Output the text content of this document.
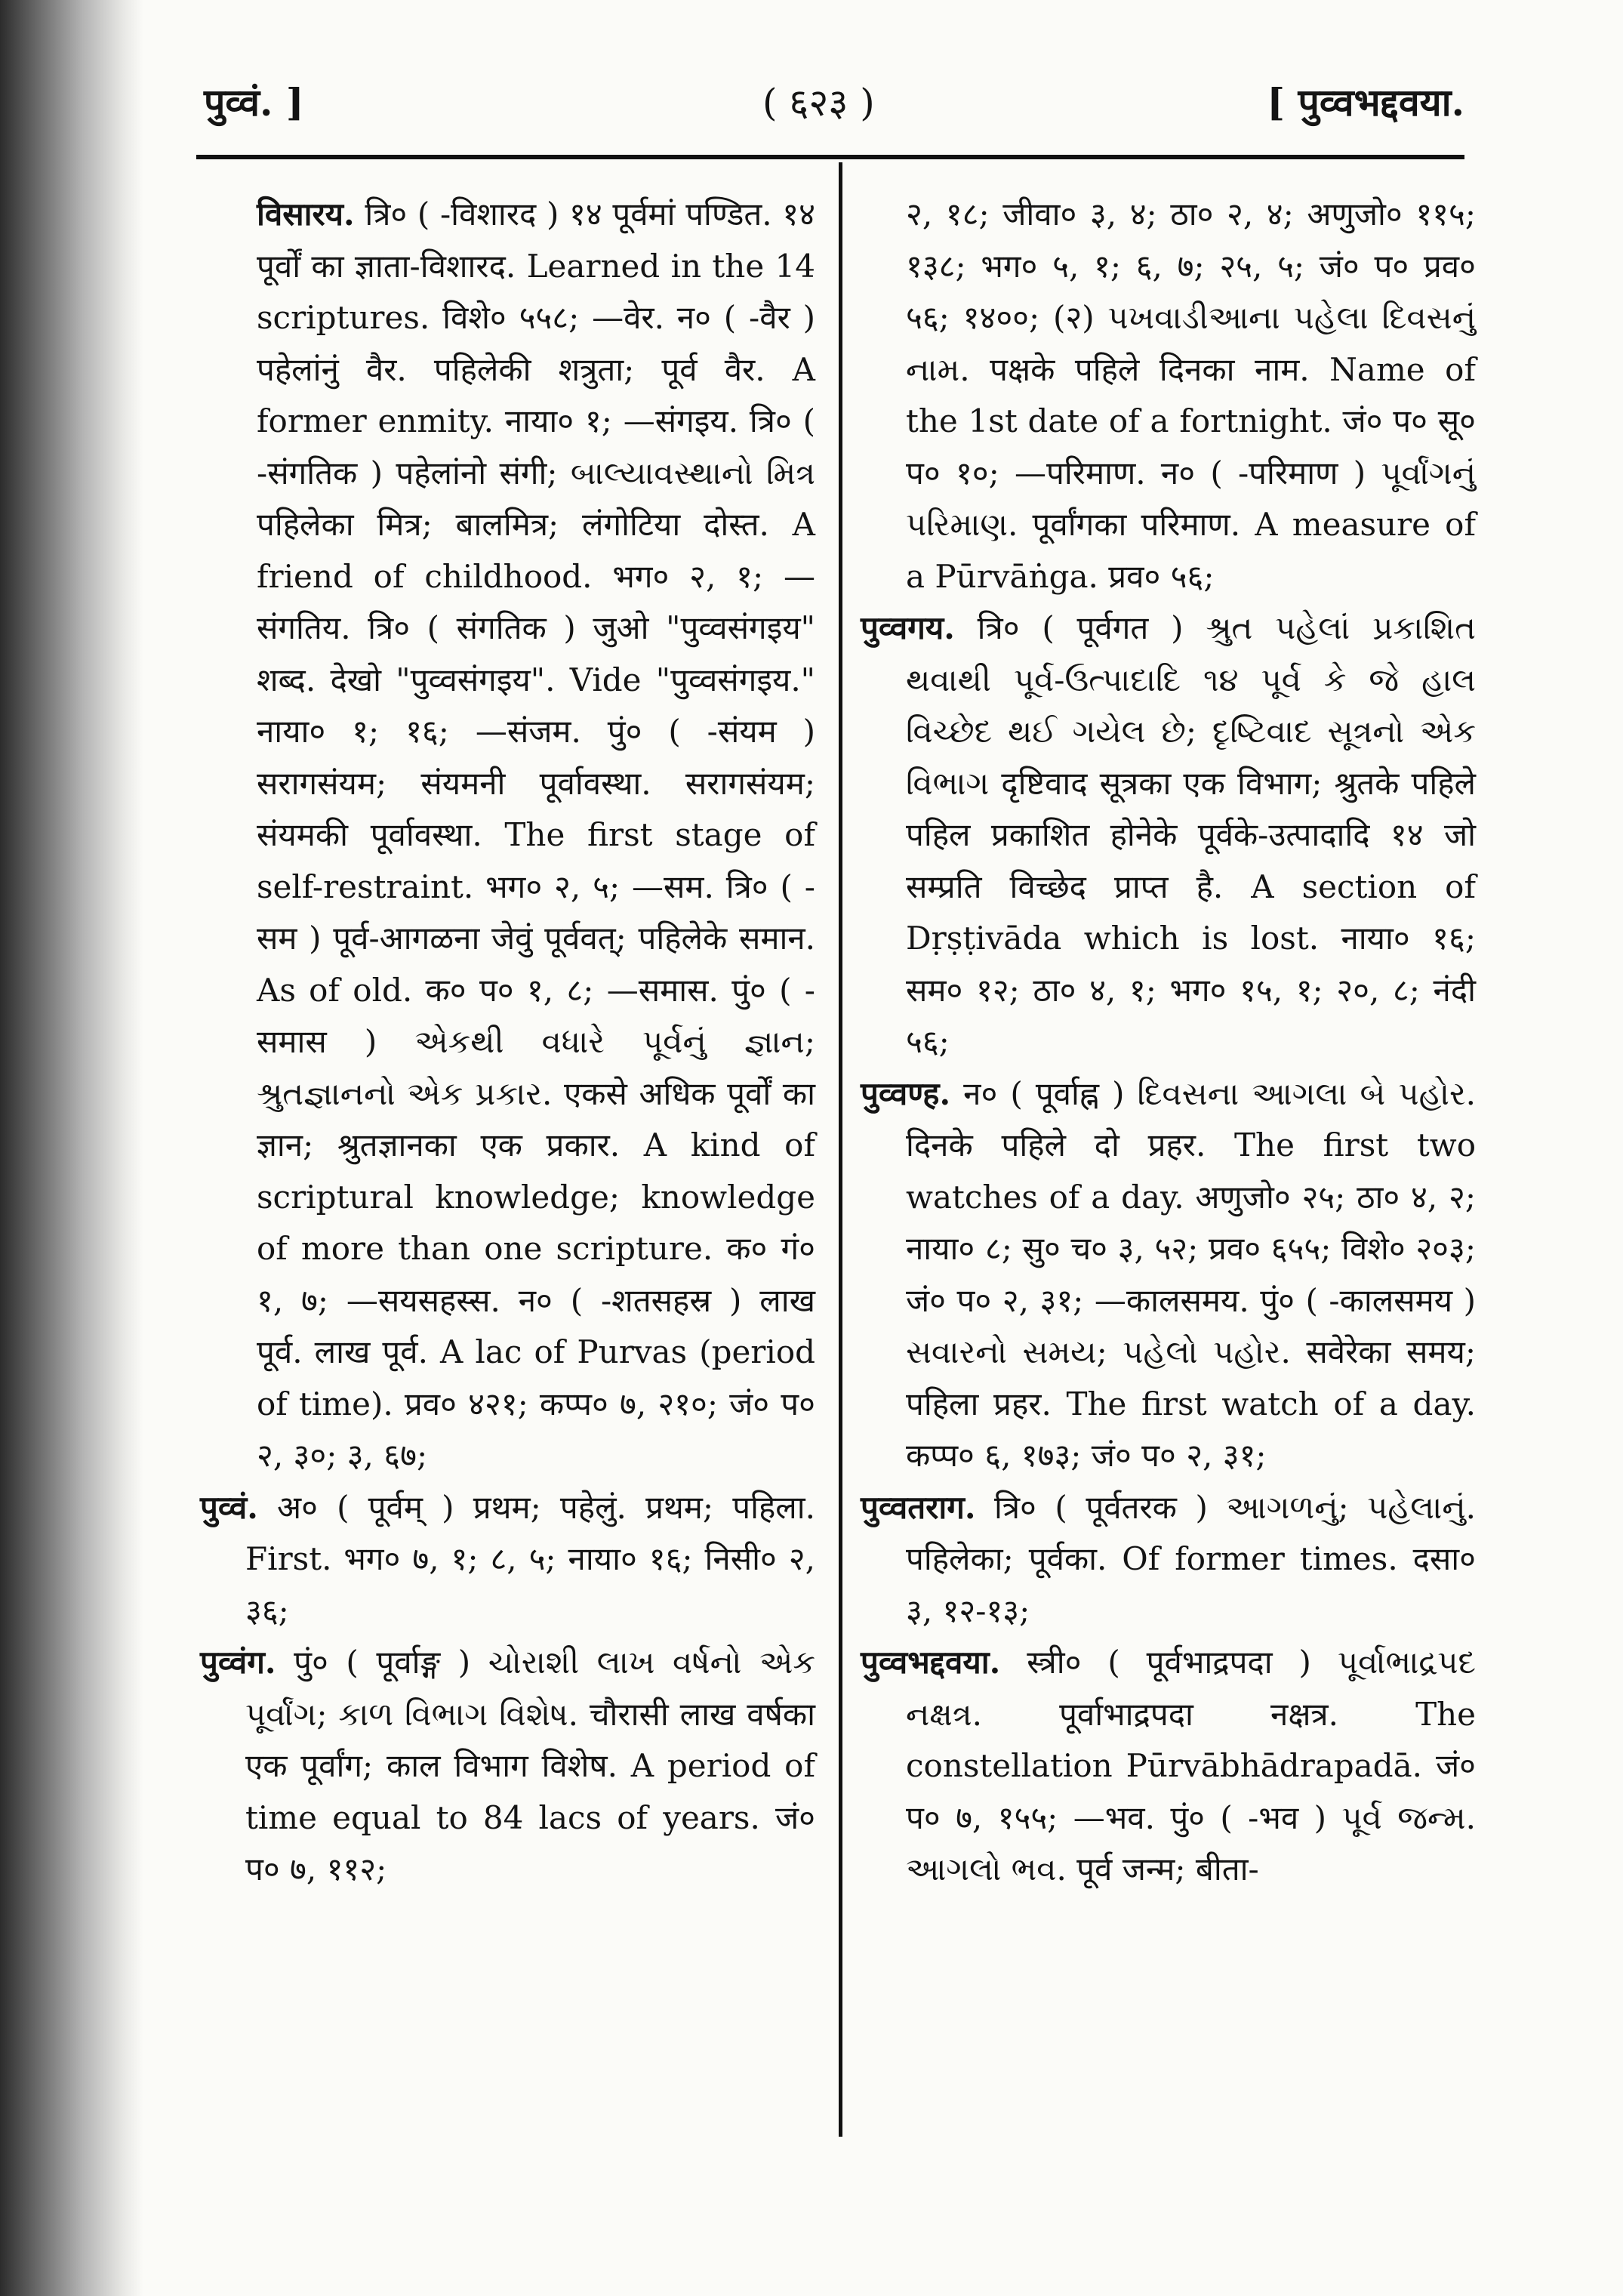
पुव्वं. ]	( ६२३ )	[ पुव्वभद्दवया.

विसारय. त्रि० ( -विशारद ) १४ पूर्वमां पण्डित. १४ पूर्वों का ज्ञाता-विशारद. Learned in the 14 scriptures. विशे० ५५८; —वेर. न० ( -वैर ) पहेलांनुं वैर. पहिलेकी शत्रुता; पूर्व वैर. A former enmity. नाया० १; —संगइय. त्रि० ( -संगतिक ) पहेलांनो संगी; બાલ્યાવસ્થાનો મિત્ર पहिलेका मित्र; बालमित्र; लंगोटिया दोस्त. A friend of childhood. भग० २, १; —संगतिय. त्रि० ( संगतिक ) जुओ "पुव्वसंगइय" शब्द. देखो "पुव्वसंगइय". Vide "पुव्वसंगइय." नाया० १; १६; —संजम. पुं० ( -संयम ) सरागसंयम; संयमनी पूर्वावस्था. सरागसंयम; संयमकी पूर्वावस्था. The first stage of self-restraint. भग० २, ५; —सम. त्रि० ( -सम ) पूर्व-आगळना जेवुं पूर्ववत्; पहिलेके समान. As of old. क० प० १, ८; —समास. पुं० ( -समास ) એકથી વધારે પૂર્વનું જ્ઞાન; શ્રુતજ્ઞાનનો એક પ્રકાર. एकसे अधिक पूर्वों का ज्ञान; श्रुतज्ञानका एक प्रकार. A kind of scriptural knowledge; knowledge of more than one scripture. क० गं० १, ७; —सयसहस्स. न० ( -शतसहस्र ) लाख पूर्व. लाख पूर्व. A lac of Purvas (period of time). प्रव० ४२१; कप्प० ७, २१०; जं० प० २, ३०; ३, ६७;

पुव्वं. अ० ( पूर्वम् ) प्रथम; पहेलुं. प्रथम; पहिला. First. भग० ७, १; ८, ५; नाया० १६; निसी० २, ३६;

पुव्वंग. पुं० ( पूर्वाङ्ग ) ચોરાશી લાખ વર્ષનો એક પૂર્વાંગ; કાળ વિભાગ વિશેષ. चौरासी लाख वर्षका एक पूर्वांग; काल विभाग विशेष. A period of time equal to 84 lacs of years. जं० प० ७, ११२;

२, १८; जीवा० ३, ४; ठा० २, ४; अणुजो० ११५; १३८; भग० ५, १; ६, ७; २५, ५; जं० प० प्रव० ५६; १४००; (२) પખવાડીઆના પહેલા દિવસનું નામ. पक्षके पहिले दिनका नाम. Name of the 1st date of a fortnight. जं० प० सू० प० १०; —परिमाण. न० ( -परिमाण ) પૂર્વાંગનું પરિમાણ. पूर्वांगका परिमाण. A measure of a Pūrvāṅga. प्रव० ५६;

पुव्वगय. त्रि० ( पूर्वगत ) શ્રુત પહેલાં પ્રકાશિત થવાથી પૂર્વ-ઉત્પાદાદિ ૧૪ પૂર્વ કે જે હાલ વિચ્છેદ થઈ ગયેલ છે; દૃષ્ટિવાદ સૂત્રનો એક વિભાગ दृष्टिवाद सूत्रका एक विभाग; श्रुतके पहिले पहिल प्रकाशित होनेके पूर्वके-उत्पादादि १४ जो सम्प्रति विच्छेद प्राप्त है. A section of Dṛṣṭivāda which is lost. नाया० १६; सम० १२; ठा० ४, १; भग० १५, १; २०, ८; नंदी ५६;

पुव्वण्ह. न० ( पूर्वाह्न ) દિવસના આગલા બે પહોર. दिनके पहिले दो प्रहर. The first two watches of a day. अणुजो० २५; ठा० ४, २; नाया० ८; सु० च० ३, ५२; प्रव० ६५५; विशे० २०३; जं० प० २, ३१; —कालसमय. पुं० ( -कालसमय ) સવારનો સમય; પહેલો પહોર. सवेरेका समय; पहिला प्रहर. The first watch of a day. कप्प० ६, १७३; जं० प० २, ३१;

पुव्वतराग. त्रि० ( पूर्वतरक ) આગળનું; પહેલાનું. पहिलेका; पूर्वका. Of former times. दसा० ३, १२-१३;

पुव्वभद्दवया. स्त्री० ( पूर्वभाद्रपदा ) પૂર્વાભાદ્રપદ નક્ષત્ર. पूर्वाभाद्रपदा नक्षत्र. The constellation Pūrvābhādrapadā. जं० प० ७, १५५; —भव. पुं० ( -भव ) પૂર્વ જન્મ. આગલો ભવ. पूर्व जन्म; बीता-
